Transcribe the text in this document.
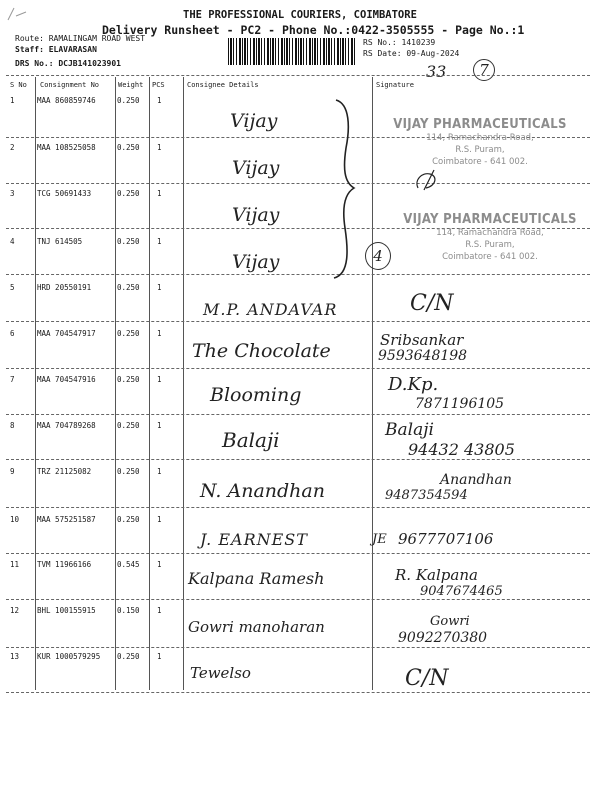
THE PROFESSIONAL COURIERS, COIMBATORE
Delivery Runsheet - PC2 - Phone No.:0422-3505555 - Page No.:1
Route: RAMALINGAM ROAD WEST
Staff: ELAVARASAN
DRS No.: DCJB141023901
RS No.: 1410239
RS Date: 09-Aug-2024
33	7
S No Consignment No	Weight PCS	Consignee Details	Signature
1	MAA 860859746	0.250 1
Vijay
2	MAA 108525058	0.250 1
Vijay
3	TCG 50691433	0.250 1
Vijay
4	TNJ 614505	0.250 1
Vijay
5	HRD 20550191	0.250 1
M.P. ANDAVAR	C/N
6	MAA 704547917	0.250 1
The Chocolate	Sribsankar
9593648198
7	MAA 704547916	0.250 1
Blooming	D.Kp.
7871196105
8	MAA 704789268	0.250 1
Balaji	Balaji
94432 43805
9	TRZ 21125082	0.250 1
N. Anandhan	Anandhan
9487354594
10 MAA 575251587	0.250 1
J. EARNEST	JE 9677707106
11 TVM 11966166	0.545 1
Kalpana Ramesh	R. Kalpana
9047674465
12 BHL 100155915	0.150 1
Gowri manoharan	Gowri
9092270380
13 KUR 1000579295 0.250 1
Tewelso	C/N
4
VIJAY PHARMACEUTICALS
114, Ramachandra Road,
R.S. Puram,
Coimbatore - 641 002.
VIJAY PHARMACEUTICALS
114, Ramachandra Road,
R.S. Puram,
Coimbatore - 641 002.
